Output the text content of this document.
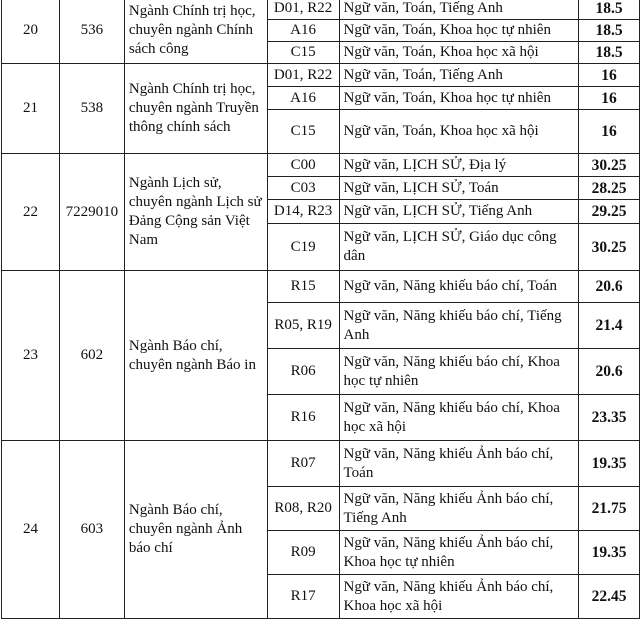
20	536	Ngành Chính trị học, chuyên ngành Chính sách công	D01, R22	Ngữ văn, Toán, Tiếng Anh	18.5
			A16	Ngữ văn, Toán, Khoa học tự nhiên	18.5
			C15	Ngữ văn, Toán, Khoa học xã hội	18.5
21	538	Ngành Chính trị học, chuyên ngành Truyền thông chính sách	D01, R22	Ngữ văn, Toán, Tiếng Anh	16
			A16	Ngữ văn, Toán, Khoa học tự nhiên	16
			C15	Ngữ văn, Toán, Khoa học xã hội	16
22	7229010	Ngành Lịch sử, chuyên ngành Lịch sử Đảng Cộng sản Việt Nam	C00	Ngữ văn, LỊCH SỬ, Địa lý	30.25
			C03	Ngữ văn, LỊCH SỬ, Toán	28.25
			D14, R23	Ngữ văn, LỊCH SỬ, Tiếng Anh	29.25
			C19	Ngữ văn, LỊCH SỬ, Giáo dục công dân	30.25
23	602	Ngành Báo chí, chuyên ngành Báo in	R15	Ngữ văn, Năng khiếu báo chí, Toán	20.6
			R05, R19	Ngữ văn, Năng khiếu báo chí, Tiếng Anh	21.4
			R06	Ngữ văn, Năng khiếu báo chí, Khoa học tự nhiên	20.6
			R16	Ngữ văn, Năng khiếu báo chí, Khoa học xã hội	23.35
24	603	Ngành Báo chí, chuyên ngành Ảnh báo chí	R07	Ngữ văn, Năng khiếu Ảnh báo chí, Toán	19.35
			R08, R20	Ngữ văn, Năng khiếu Ảnh báo chí, Tiếng Anh	21.75
			R09	Ngữ văn, Năng khiếu Ảnh báo chí, Khoa học tự nhiên	19.35
			R17	Ngữ văn, Năng khiếu Ảnh báo chí, Khoa học xã hội	22.45
